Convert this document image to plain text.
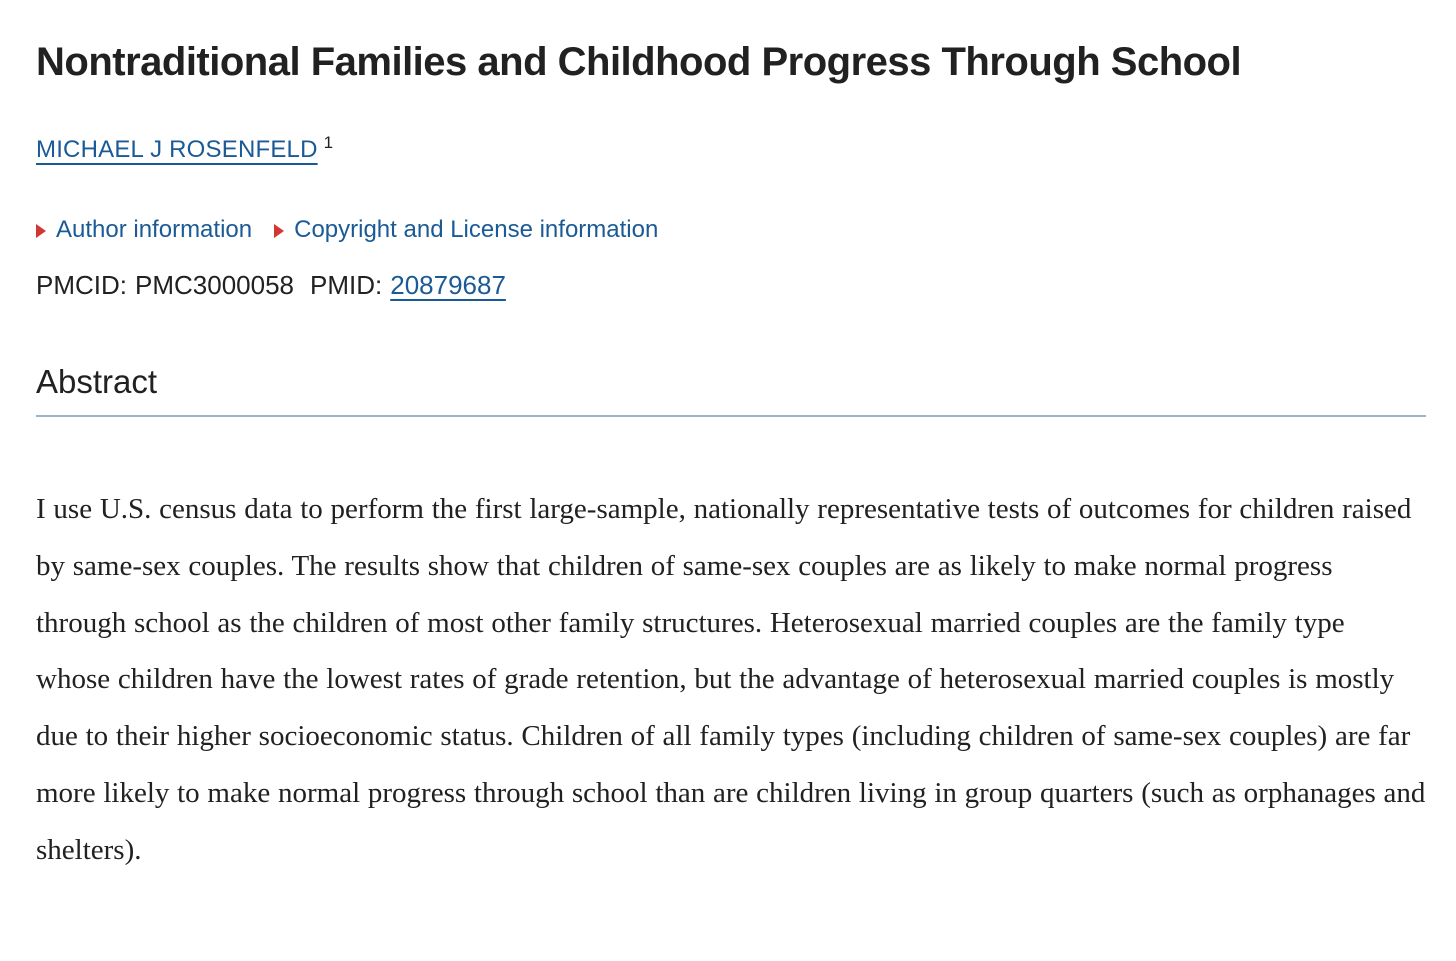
Nontraditional Families and Childhood Progress Through School
MICHAEL J ROSENFELD $^1$
Author information Copyright and License information
PMCID: PMC3000058 PMID: 20879687
Abstract

I use U.S. census data to perform the first large-sample, nationally representative tests of outcomes for children raised by same-sex couples. The results show that children of same-sex couples are as likely to make normal progress through school as the children of most other family structures. Heterosexual married couples are the family type whose children have the lowest rates of grade retention, but the advantage of heterosexual married couples is mostly due to their higher socioeconomic status. Children of all family types (including children of same-sex couples) are far more likely to make normal progress through school than are children living in group quarters (such as orphanages and shelters).
